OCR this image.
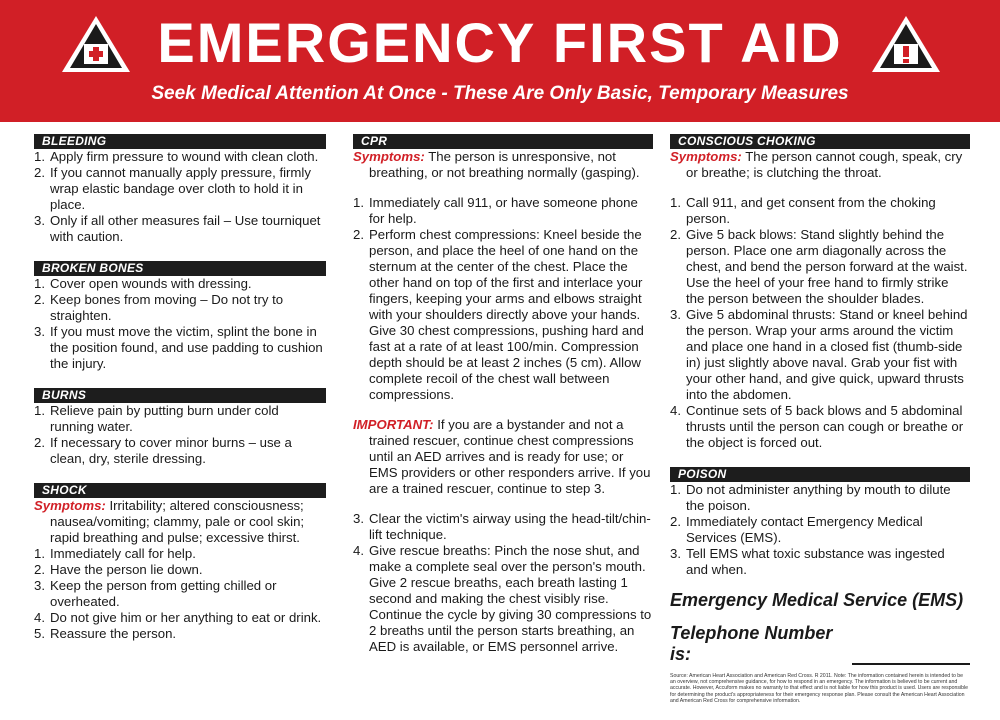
EMERGENCY FIRST AID
Seek Medical Attention At Once - These Are Only Basic, Temporary Measures
BLEEDING

1. Apply firm pressure to wound with clean cloth.

2. If you cannot manually apply pressure, firmly wrap elastic bandage over cloth to hold it in place.

3. Only if all other measures fail – Use tourniquet with caution.

BROKEN BONES

1. Cover open wounds with dressing.

2. Keep bones from moving – Do not try to straighten.

3. If you must move the victim, splint the bone in the position found, and use padding to cushion the injury.

BURNS

1. Relieve pain by putting burn under cold running water.

2. If necessary to cover minor burns – use a clean, dry, sterile dressing.

SHOCK

Symptoms: Irritability; altered consciousness; nausea/vomiting; clammy, pale or cool skin; rapid breathing and pulse; excessive thirst.

1. Immediately call for help.

2. Have the person lie down.

3. Keep the person from getting chilled or overheated.

4. Do not give him or her anything to eat or drink.

5. Reassure the person.

CPR

Symptoms: The person is unresponsive, not breathing, or not breathing normally (gasping).

1. Immediately call 911, or have someone phone for help.

2. Perform chest compressions: Kneel beside the person, and place the heel of one hand on the sternum at the center of the chest. Place the other hand on top of the first and interlace your fingers, keeping your arms and elbows straight with your shoulders directly above your hands. Give 30 chest compressions, pushing hard and fast at a rate of at least 100/min. Compression depth should be at least 2 inches (5 cm). Allow complete recoil of the chest wall between compressions.

IMPORTANT: If you are a bystander and not a trained rescuer, continue chest compressions until an AED arrives and is ready for use; or EMS providers or other responders arrive. If you are a trained rescuer, continue to step 3.

3. Clear the victim's airway using the head-tilt/chin-lift technique.

4. Give rescue breaths: Pinch the nose shut, and make a complete seal over the person's mouth. Give 2 rescue breaths, each breath lasting 1 second and making the chest visibly rise. Continue the cycle by giving 30 compressions to 2 breaths until the person starts breathing, an AED is available, or EMS personnel arrive.

CONSCIOUS CHOKING

Symptoms: The person cannot cough, speak, cry or breathe; is clutching the throat.

1. Call 911, and get consent from the choking person.

2. Give 5 back blows: Stand slightly behind the person. Place one arm diagonally across the chest, and bend the person forward at the waist. Use the heel of your free hand to firmly strike the person between the shoulder blades.

3. Give 5 abdominal thrusts: Stand or kneel behind the person. Wrap your arms around the victim and place one hand in a closed fist (thumb-side in) just slightly above naval. Grab your fist with your other hand, and give quick, upward thrusts into the abdomen.

4. Continue sets of 5 back blows and 5 abdominal thrusts until the person can cough or breathe or the object is forced out.

POISON

1. Do not administer anything by mouth to dilute the poison.

2. Immediately contact Emergency Medical Services (EMS).

3. Tell EMS what toxic substance was ingested and when.

Emergency Medical Service (EMS)
Telephone Number is:
Source: American Heart Association and American Red Cross. R 2011. Note: The information contained herein is intended to be an overview, not comprehensive guidance, for how to respond in an emergency. The information is believed to be current and accurate. However, Accuform makes no warranty to that effect and is not liable for how this product is used. Users are responsible for determining the product's appropriateness for their emergency response plan. Please consult the American Heart Association and American Red Cross for comprehensive information.
